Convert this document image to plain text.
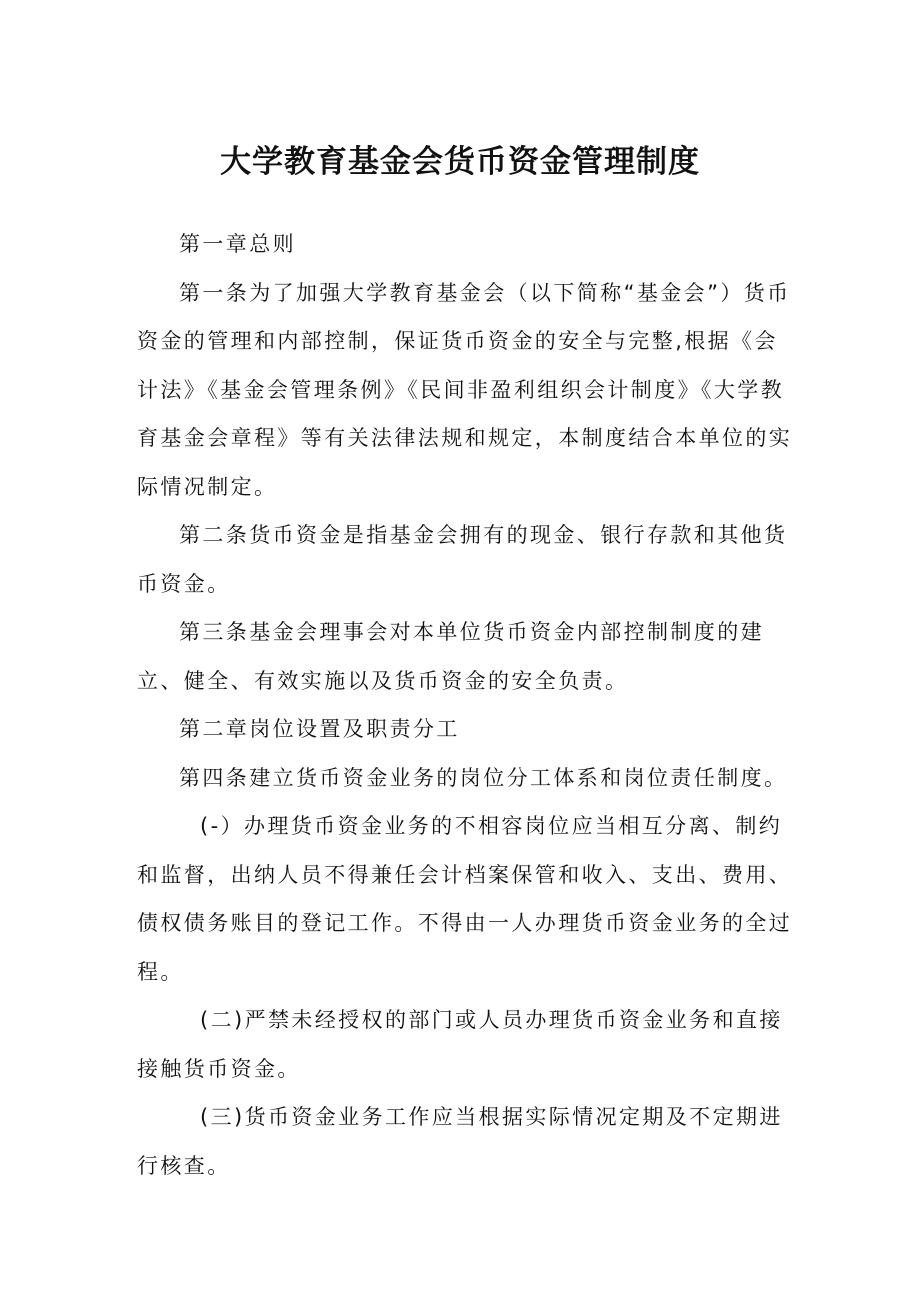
大学教育基金会货币资金管理制度

第一章总则

第一条为了加强大学教育基金会（以下简称“基金会”）货币资金的管理和内部控制，保证货币资金的安全与完整,根据《会计法》《基金会管理条例》《民间非盈利组织会计制度》《大学教育基金会章程》等有关法律法规和规定，本制度结合本单位的实际情况制定。

第二条货币资金是指基金会拥有的现金、银行存款和其他货币资金。

第三条基金会理事会对本单位货币资金内部控制制度的建立、健全、有效实施以及货币资金的安全负责。

第二章岗位设置及职责分工

第四条建立货币资金业务的岗位分工体系和岗位责任制度。

(-）办理货币资金业务的不相容岗位应当相互分离、制约和监督，出纳人员不得兼任会计档案保管和收入、支出、费用、债权债务账目的登记工作。不得由一人办理货币资金业务的全过程。

(二)严禁未经授权的部门或人员办理货币资金业务和直接接触货币资金。

(三)货币资金业务工作应当根据实际情况定期及不定期进行核查。
